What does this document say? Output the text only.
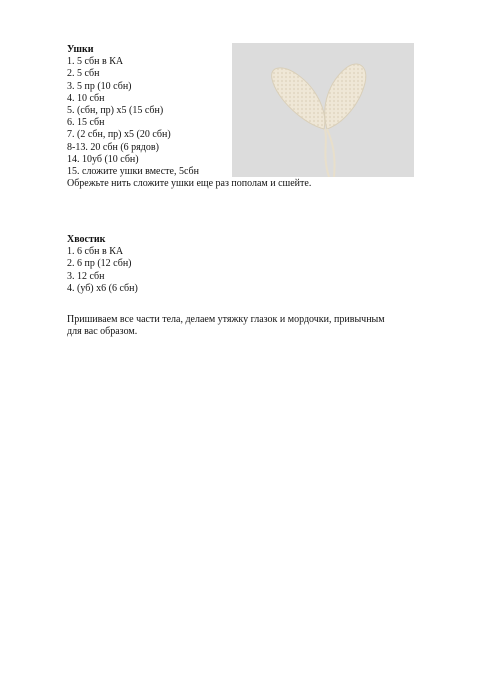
Ушки

1. 5 сбн в КА

2. 5 сбн

3. 5 пр (10 сбн)

4. 10 сбн

5. (сбн, пр) х5 (15 сбн)

6. 15 сбн

7. (2 сбн, пр) х5 (20 сбн)

8-13. 20 сбн (6 рядов)

14. 10уб (10 сбн)

15. сложите ушки вместе, 5сбн

Обрежьте нить сложите ушки еще раз пополам и сшейте.

Хвостик

1. 6 сбн в КА

2. 6 пр (12 сбн)

3. 12 сбн

4. (уб) х6 (6 сбн)

Пришиваем все части тела, делаем утяжку глазок и мордочки, привычным

для вас образом.
